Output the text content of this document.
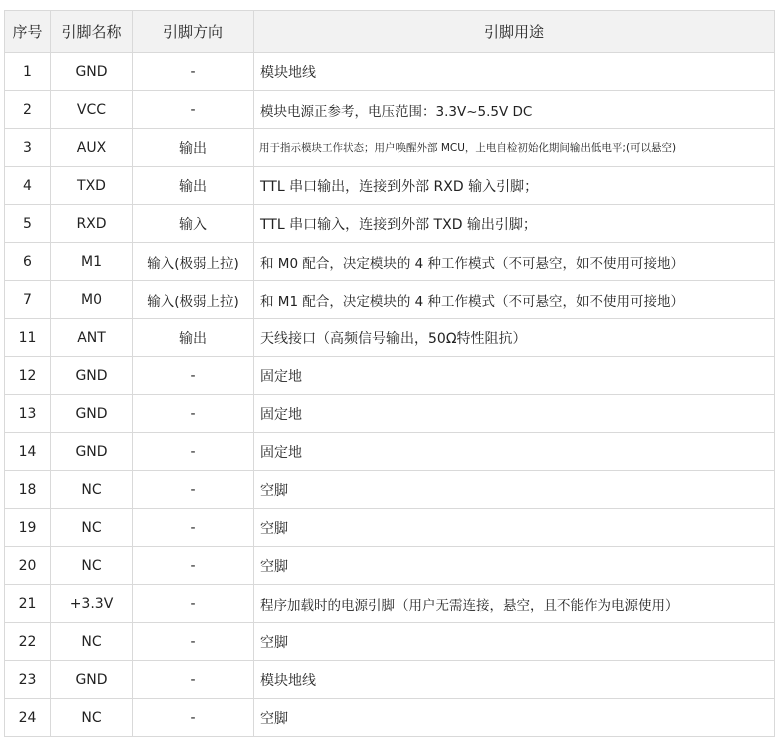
序号	引脚名称	引脚方向	引脚用途
1	GND	-	模块地线
2	VCC	-	模块电源正参考，电压范围：3.3V~5.5V DC
3	AUX	输出	用于指示模块工作状态；用户唤醒外部 MCU，上电自检初始化期间输出低电平;(可以悬空)
4	TXD	输出	TTL 串口输出，连接到外部 RXD 输入引脚；
5	RXD	输入	TTL 串口输入，连接到外部 TXD 输出引脚；
6	M1	输入(极弱上拉)	和 M0 配合，决定模块的 4 种工作模式（不可悬空，如不使用可接地）
7	M0	输入(极弱上拉)	和 M1 配合，决定模块的 4 种工作模式（不可悬空，如不使用可接地）
11	ANT	输出	天线接口（高频信号输出，50Ω特性阻抗）
12	GND	-	固定地
13	GND	-	固定地
14	GND	-	固定地
18	NC	-	空脚
19	NC	-	空脚
20	NC	-	空脚
21	+3.3V	-	程序加载时的电源引脚（用户无需连接，悬空，且不能作为电源使用）
22	NC	-	空脚
23	GND	-	模块地线
24	NC	-	空脚
